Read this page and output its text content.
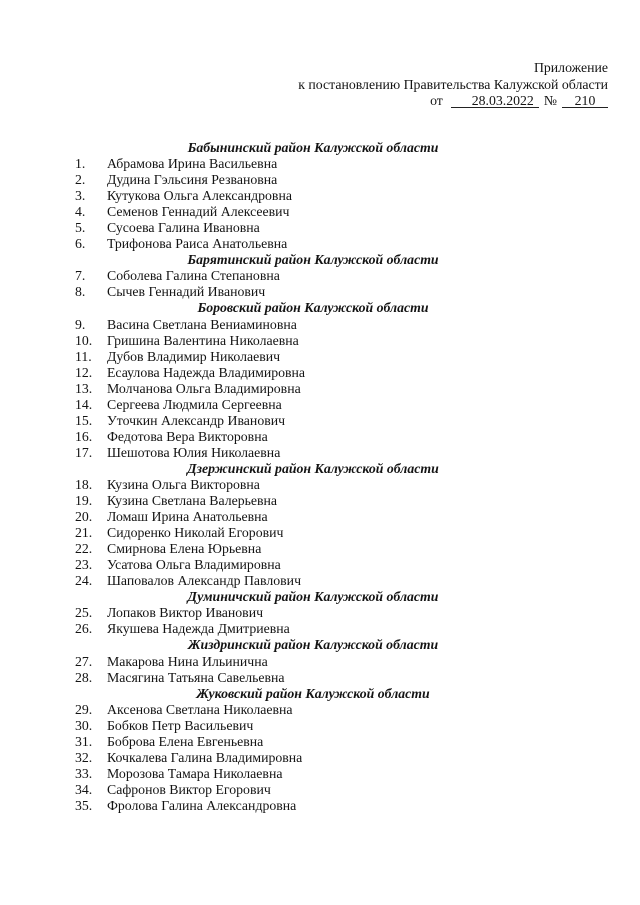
Приложение
к постановлению Правительства Калужской области
от 28.03.2022 № 210
Бабынинский район Калужской области
1. Абрамова Ирина Васильевна
2. Дудина Гэльсиня Резвановна
3. Кутукова Ольга Александровна
4. Семенов Геннадий Алексеевич
5. Сусоева Галина Ивановна
6. Трифонова Раиса Анатольевна
Барятинский район Калужской области
7. Соболева Галина Степановна
8. Сычев Геннадий Иванович
Боровский район Калужской области
9. Васина Светлана Вениаминовна
10. Гришина Валентина Николаевна
11. Дубов Владимир Николаевич
12. Есаулова Надежда Владимировна
13. Молчанова Ольга Владимировна
14. Сергеева Людмила Сергеевна
15. Уточкин Александр Иванович
16. Федотова Вера Викторовна
17. Шешотова Юлия Николаевна
Дзержинский район Калужской области
18. Кузина Ольга Викторовна
19. Кузина Светлана Валерьевна
20. Ломаш Ирина Анатольевна
21. Сидоренко Николай Егорович
22. Смирнова Елена Юрьевна
23. Усатова Ольга Владимировна
24. Шаповалов Александр Павлович
Думиничский район Калужской области
25. Лопаков Виктор Иванович
26. Якушева Надежда Дмитриевна
Жиздринский район Калужской области
27. Макарова Нина Ильинична
28. Масягина Татьяна Савельевна
Жуковский район Калужской области
29. Аксенова Светлана Николаевна
30. Бобков Петр Васильевич
31. Боброва Елена Евгеньевна
32. Кочкалева Галина Владимировна
33. Морозова Тамара Николаевна
34. Сафронов Виктор Егорович
35. Фролова Галина Александровна
